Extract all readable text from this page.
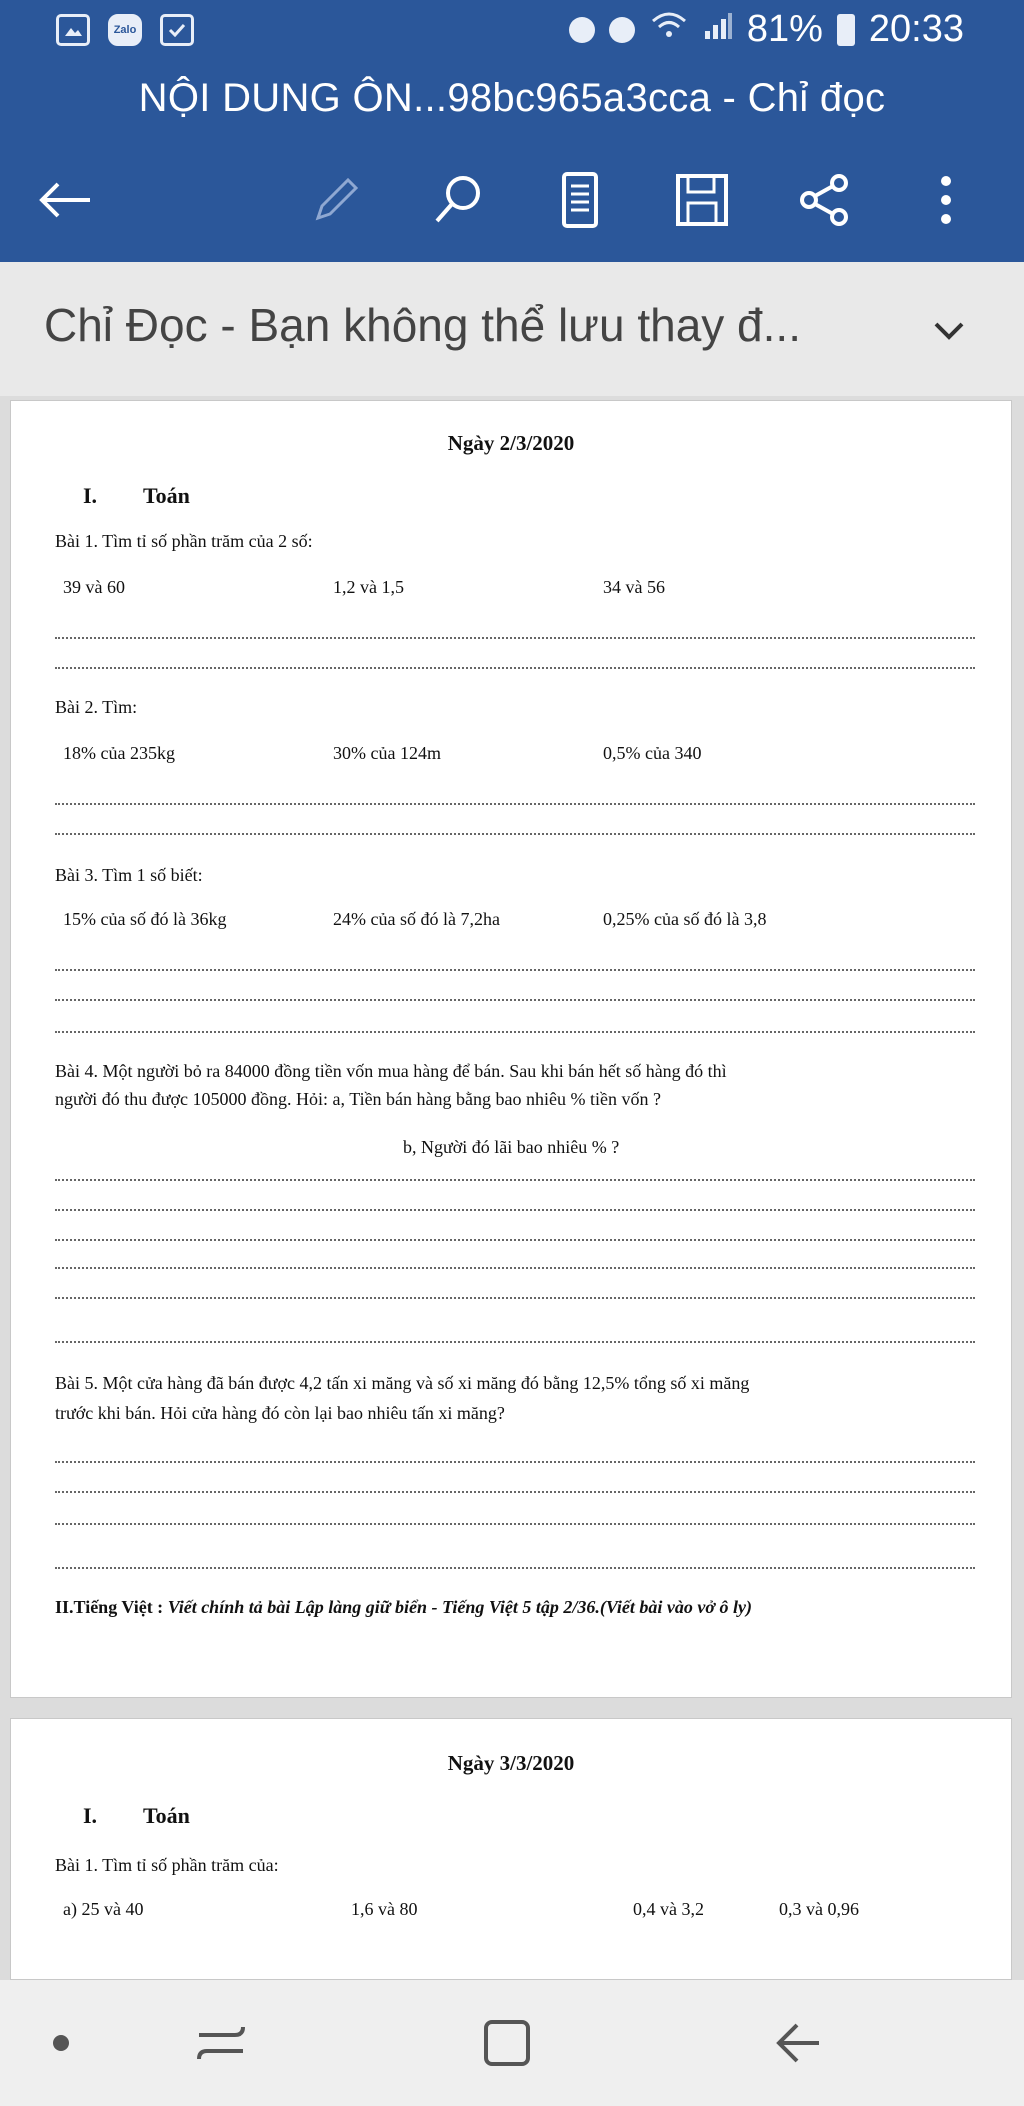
Zalo	81% 20:33
NỘI DUNG ÔN...98bc965a3cca - Chỉ đọc
Chỉ Đọc - Bạn không thể lưu thay đ...
Ngày 2/3/2020
I. Toán
Bài 1. Tìm tỉ số phần trăm của 2 số:
39 và 60	1,2 và 1,5	34 và 56
Bài 2. Tìm:
18% của 235kg	30% của 124m	0,5% của 340
Bài 3. Tìm 1 số biết:
15% của số đó là 36kg	24% của số đó là 7,2ha	0,25% của số đó là 3,8
Bài 4. Một người bỏ ra 84000 đồng tiền vốn mua hàng để bán. Sau khi bán hết số hàng đó thì
người đó thu được 105000 đồng. Hỏi: a, Tiền bán hàng bằng bao nhiêu % tiền vốn ?
b, Người đó lãi bao nhiêu % ?
Bài 5. Một cửa hàng đã bán được 4,2 tấn xi măng và số xi măng đó bằng 12,5% tổng số xi măng
trước khi bán. Hỏi cửa hàng đó còn lại bao nhiêu tấn xi măng?
II.Tiếng Việt : Viết chính tả bài Lập làng giữ biển - Tiếng Việt 5 tập 2/36.(Viết bài vào vở ô ly)
Ngày 3/3/2020
I. Toán
Bài 1. Tìm tỉ số phần trăm của:
a) 25 và 40	1,6 và 80	0,4 và 3,2	0,3 và 0,96
